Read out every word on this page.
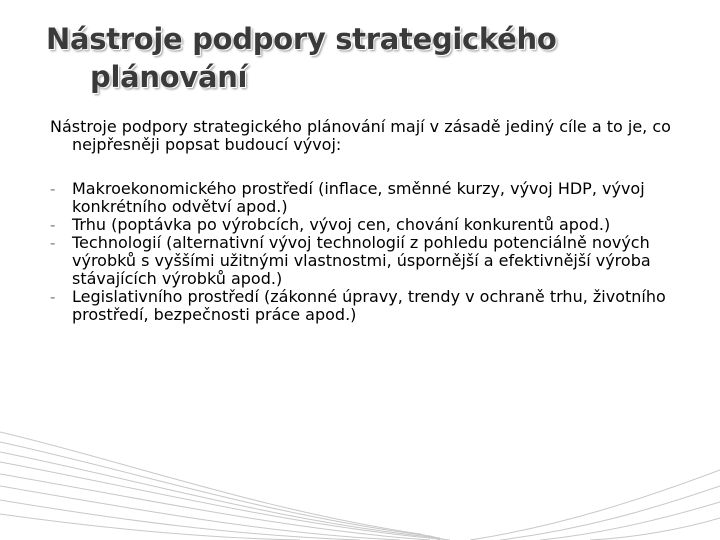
Nástroje podpory strategického
plánování

Nástroje podpory strategického plánování mají v zásadě jediný cíle a to je, co nejpřesněji popsat budoucí vývoj:

-	Makroekonomického prostředí (inflace, směnné kurzy, vývoj HDP, vývoj konkrétního odvětví apod.)
-	Trhu (poptávka po výrobcích, vývoj cen, chování konkurentů apod.)
-	Technologií (alternativní vývoj technologií z pohledu potenciálně nových výrobků s vyššími užitnými vlastnostmi, úspornější a efektivnější výroba stávajících výrobků apod.)
-	Legislativního prostředí (zákonné úpravy, trendy v ochraně trhu, životního prostředí, bezpečnosti práce apod.)
